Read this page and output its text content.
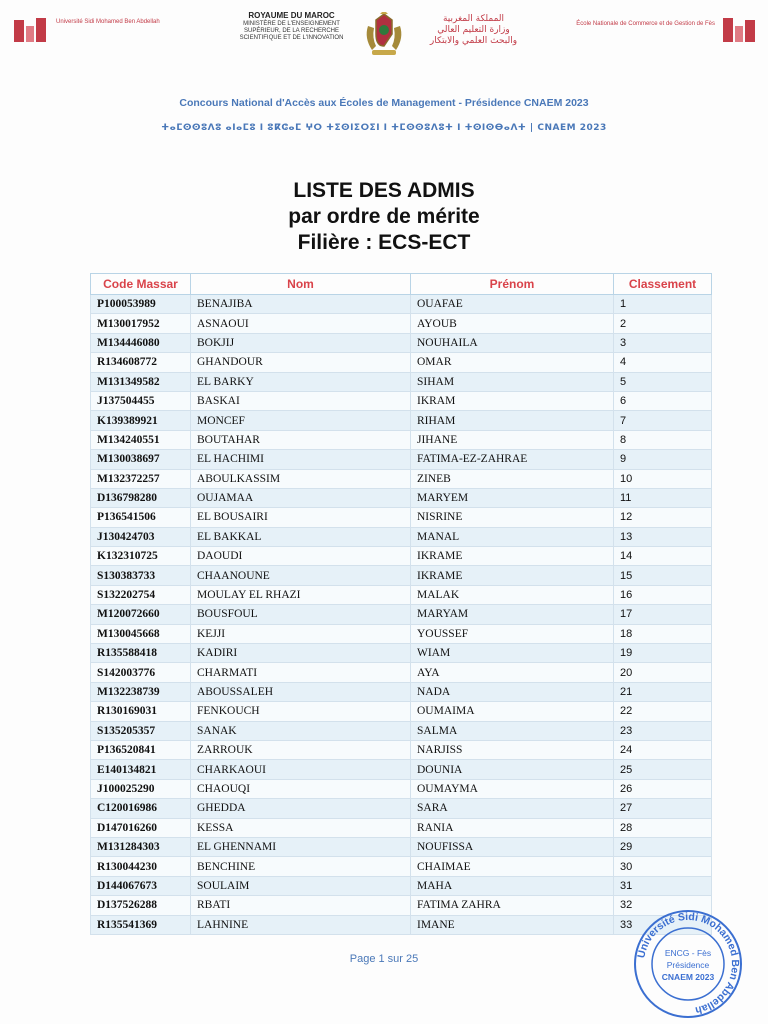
Université Sidi Mohamed Ben Abdellah
ROYAUME DU MAROC
MINISTÈRE DE L'ENSEIGNEMENT
SUPÉRIEUR, DE LA RECHERCHE
SCIENTIFIQUE ET DE L'INNOVATION
المملكة المغربية
وزارة التعليم العالي
والبحث العلمي والابتكار
École Nationale de Commerce et de Gestion de Fès
Concours National d'Accès aux Écoles de Management - Présidence CNAEM 2023
ⵜⴰⵎⵙⵙⵓⴷⵓ ⴰⵏⴰⵎⵓ ⵏ ⵓⴽⵛⴰⵎ ⵖⵔ ⵜⵉⵙⵏⵉⵔⵉⵏ ⵏ ⵜⵎⵙⵙⵓⴷⵓⵜ ⵏ ⵜⵙⵏⵙⴱⴰⴷⵜ | CNAEM 2023
LISTE DES ADMIS
par ordre de mérite
Filière : ECS-ECT
Code Massar	Nom	Prénom	Classement
P100053989	BENAJIBA	OUAFAE	1
M130017952	ASNAOUI	AYOUB	2
M134446080	BOKJIJ	NOUHAILA	3
R134608772	GHANDOUR	OMAR	4
M131349582	EL BARKY	SIHAM	5
J137504455	BASKAI	IKRAM	6
K139389921	MONCEF	RIHAM	7
M134240551	BOUTAHAR	JIHANE	8
M130038697	EL HACHIMI	FATIMA-EZ-ZAHRAE	9
M132372257	ABOULKASSIM	ZINEB	10
D136798280	OUJAMAA	MARYEM	11
P136541506	EL BOUSAIRI	NISRINE	12
J130424703	EL BAKKAL	MANAL	13
K132310725	DAOUDI	IKRAME	14
S130383733	CHAANOUNE	IKRAME	15
S132202754	MOULAY EL RHAZI	MALAK	16
M120072660	BOUSFOUL	MARYAM	17
M130045668	KEJJI	YOUSSEF	18
R135588418	KADIRI	WIAM	19
S142003776	CHARMATI	AYA	20
M132238739	ABOUSSALEH	NADA	21
R130169031	FENKOUCH	OUMAIMA	22
S135205357	SANAK	SALMA	23
P136520841	ZARROUK	NARJISS	24
E140134821	CHARKAOUI	DOUNIA	25
J100025290	CHAOUQI	OUMAYMA	26
C120016986	GHEDDA	SARA	27
D147016260	KESSA	RANIA	28
M131284303	EL GHENNAMI	NOUFISSA	29
R130044230	BENCHINE	CHAIMAE	30
D144067673	SOULAIM	MAHA	31
D137526288	RBATI	FATIMA ZAHRA	32
R135541369	LAHNINE	IMANE	33
Page 1 sur 25	Université Sidi Mohamed Ben Abdellah
ENCG - Fès
Présidence
CNAEM 2023
